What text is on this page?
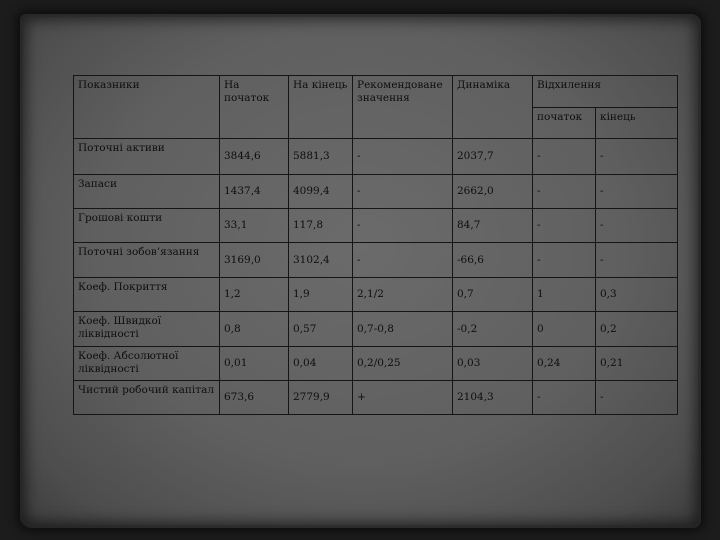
Показники	На початок	На кінець	Рекомендоване значення	Динаміка	Відхилення	
					початок	кінець
Поточні активи	3844,6	5881,3	-	2037,7	-	-
Запаси	1437,4	4099,4	-	2662,0	-	-
Грошові кошти	33,1	117,8	-	84,7	-	-
Поточні зобов’язання	3169,0	3102,4	-	-66,6	-	-
Коеф. Покриття	1,2	1,9	2,1/2	0,7	1	0,3
Коеф. Швидкої ліквідності	0,8	0,57	0,7-0,8	-0,2	0	0,2
Коеф. Абсолютної ліквідності	0,01	0,04	0,2/0,25	0,03	0,24	0,21
Чистий робочий капітал	673,6	2779,9	+	2104,3	-	-
